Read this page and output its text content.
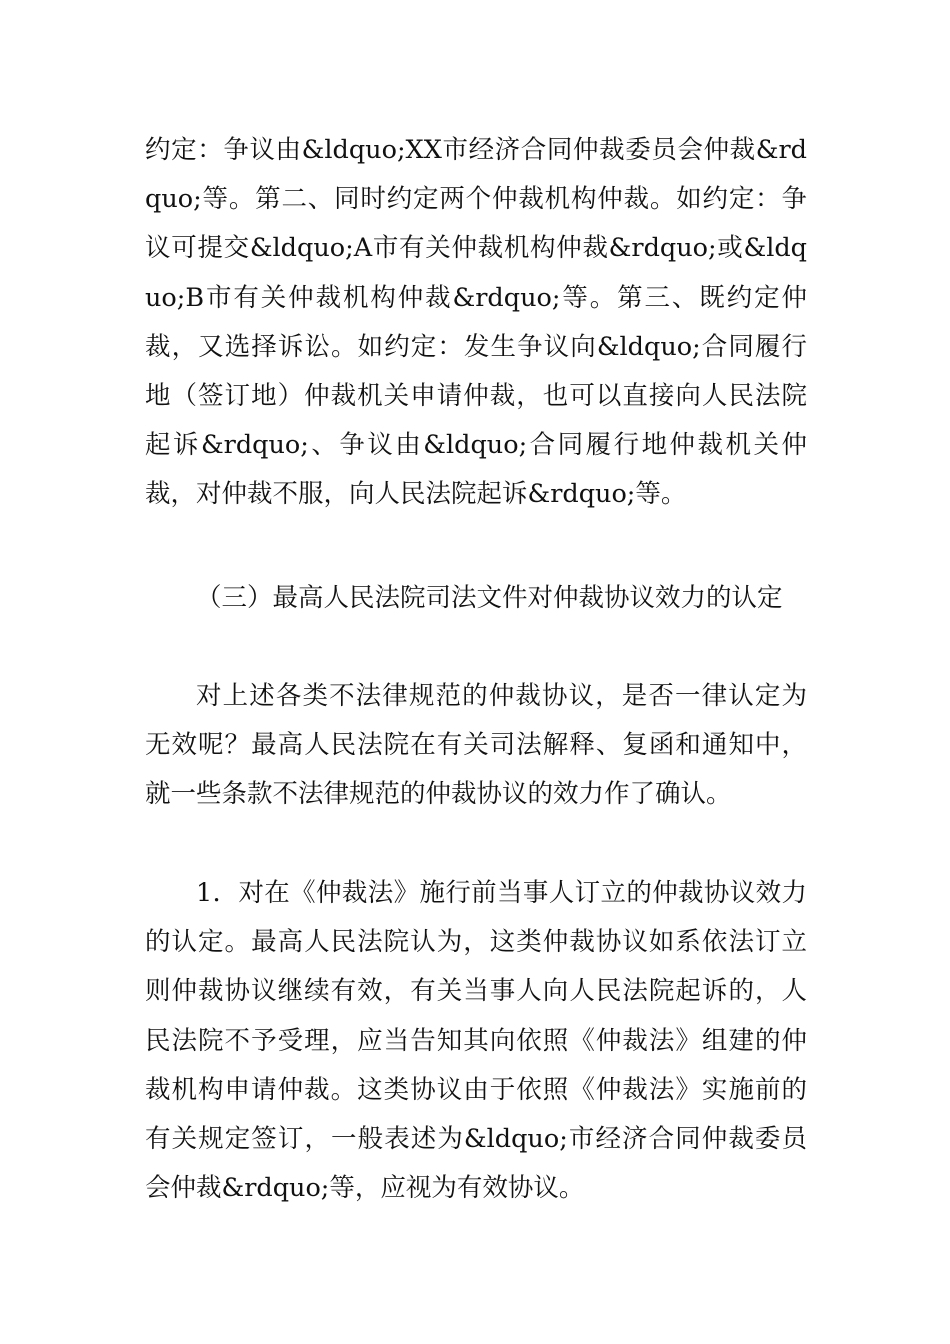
约定：争议由&ldquo;XX市经济合同仲裁委员会仲裁&rdquo;等。第二、同时约定两个仲裁机构仲裁。如约定：争议可提交&ldquo;A市有关仲裁机构仲裁&rdquo;或&ldquo;B市有关仲裁机构仲裁&rdquo;等。第三、既约定仲裁，又选择诉讼。如约定：发生争议向&ldquo;合同履行地（签订地）仲裁机关申请仲裁，也可以直接向人民法院起诉&rdquo;、争议由&ldquo;合同履行地仲裁机关仲裁，对仲裁不服，向人民法院起诉&rdquo;等。

（三）最高人民法院司法文件对仲裁协议效力的认定

对上述各类不法律规范的仲裁协议，是否一律认定为无效呢？最高人民法院在有关司法解释、复函和通知中，就一些条款不法律规范的仲裁协议的效力作了确认。

1．对在《仲裁法》施行前当事人订立的仲裁协议效力的认定。最高人民法院认为，这类仲裁协议如系依法订立则仲裁协议继续有效，有关当事人向人民法院起诉的，人民法院不予受理，应当告知其向依照《仲裁法》组建的仲裁机构申请仲裁。这类协议由于依照《仲裁法》实施前的有关规定签订，一般表述为&ldquo;市经济合同仲裁委员会仲裁&rdquo;等，应视为有效协议。
